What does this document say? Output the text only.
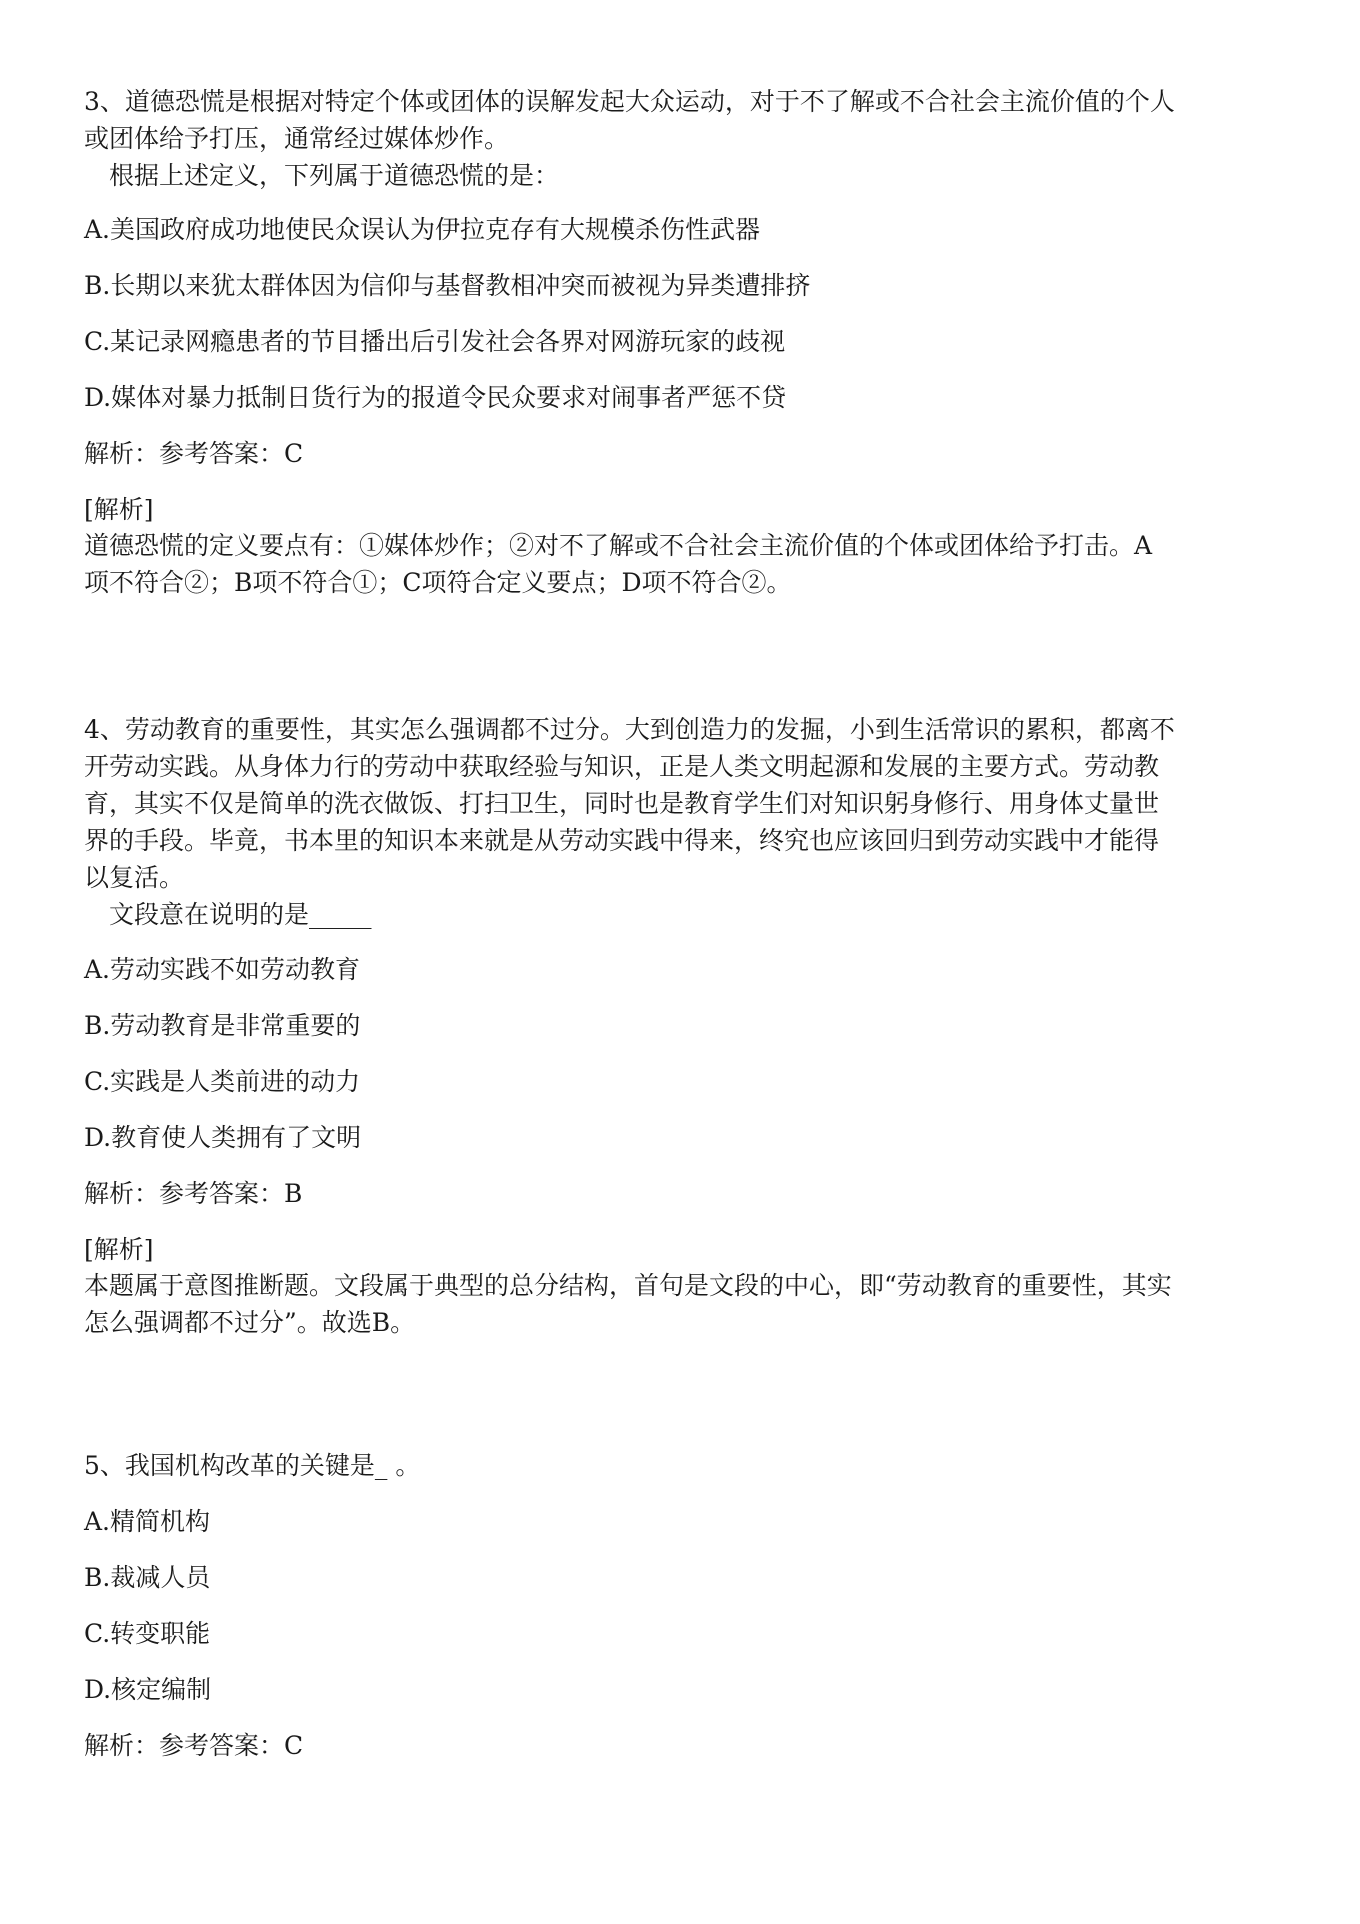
3、道德恐慌是根据对特定个体或团体的误解发起大众运动，对于不了解或不合社会主流价值的个人
或团体给予打压，通常经过媒体炒作。
根据上述定义，下列属于道德恐慌的是：
A.美国政府成功地使民众误认为伊拉克存有大规模杀伤性武器
B.长期以来犹太群体因为信仰与基督教相冲突而被视为异类遭排挤
C.某记录网瘾患者的节目播出后引发社会各界对网游玩家的歧视
D.媒体对暴力抵制日货行为的报道令民众要求对闹事者严惩不贷
解析：参考答案：C
[解析]
道德恐慌的定义要点有：①媒体炒作；②对不了解或不合社会主流价值的个体或团体给予打击。A
项不符合②；B项不符合①；C项符合定义要点；D项不符合②。
4、劳动教育的重要性，其实怎么强调都不过分。大到创造力的发掘，小到生活常识的累积，都离不
开劳动实践。从身体力行的劳动中获取经验与知识，正是人类文明起源和发展的主要方式。劳动教
育，其实不仅是简单的洗衣做饭、打扫卫生，同时也是教育学生们对知识躬身修行、用身体丈量世
界的手段。毕竟，书本里的知识本来就是从劳动实践中得来，终究也应该回归到劳动实践中才能得
以复活。
文段意在说明的是_____
A.劳动实践不如劳动教育
B.劳动教育是非常重要的
C.实践是人类前进的动力
D.教育使人类拥有了文明
解析：参考答案：B
[解析]
本题属于意图推断题。文段属于典型的总分结构，首句是文段的中心，即“劳动教育的重要性，其实
怎么强调都不过分”。故选B。
5、我国机构改革的关键是_ 。
A.精简机构
B.裁减人员
C.转变职能
D.核定编制
解析：参考答案：C
